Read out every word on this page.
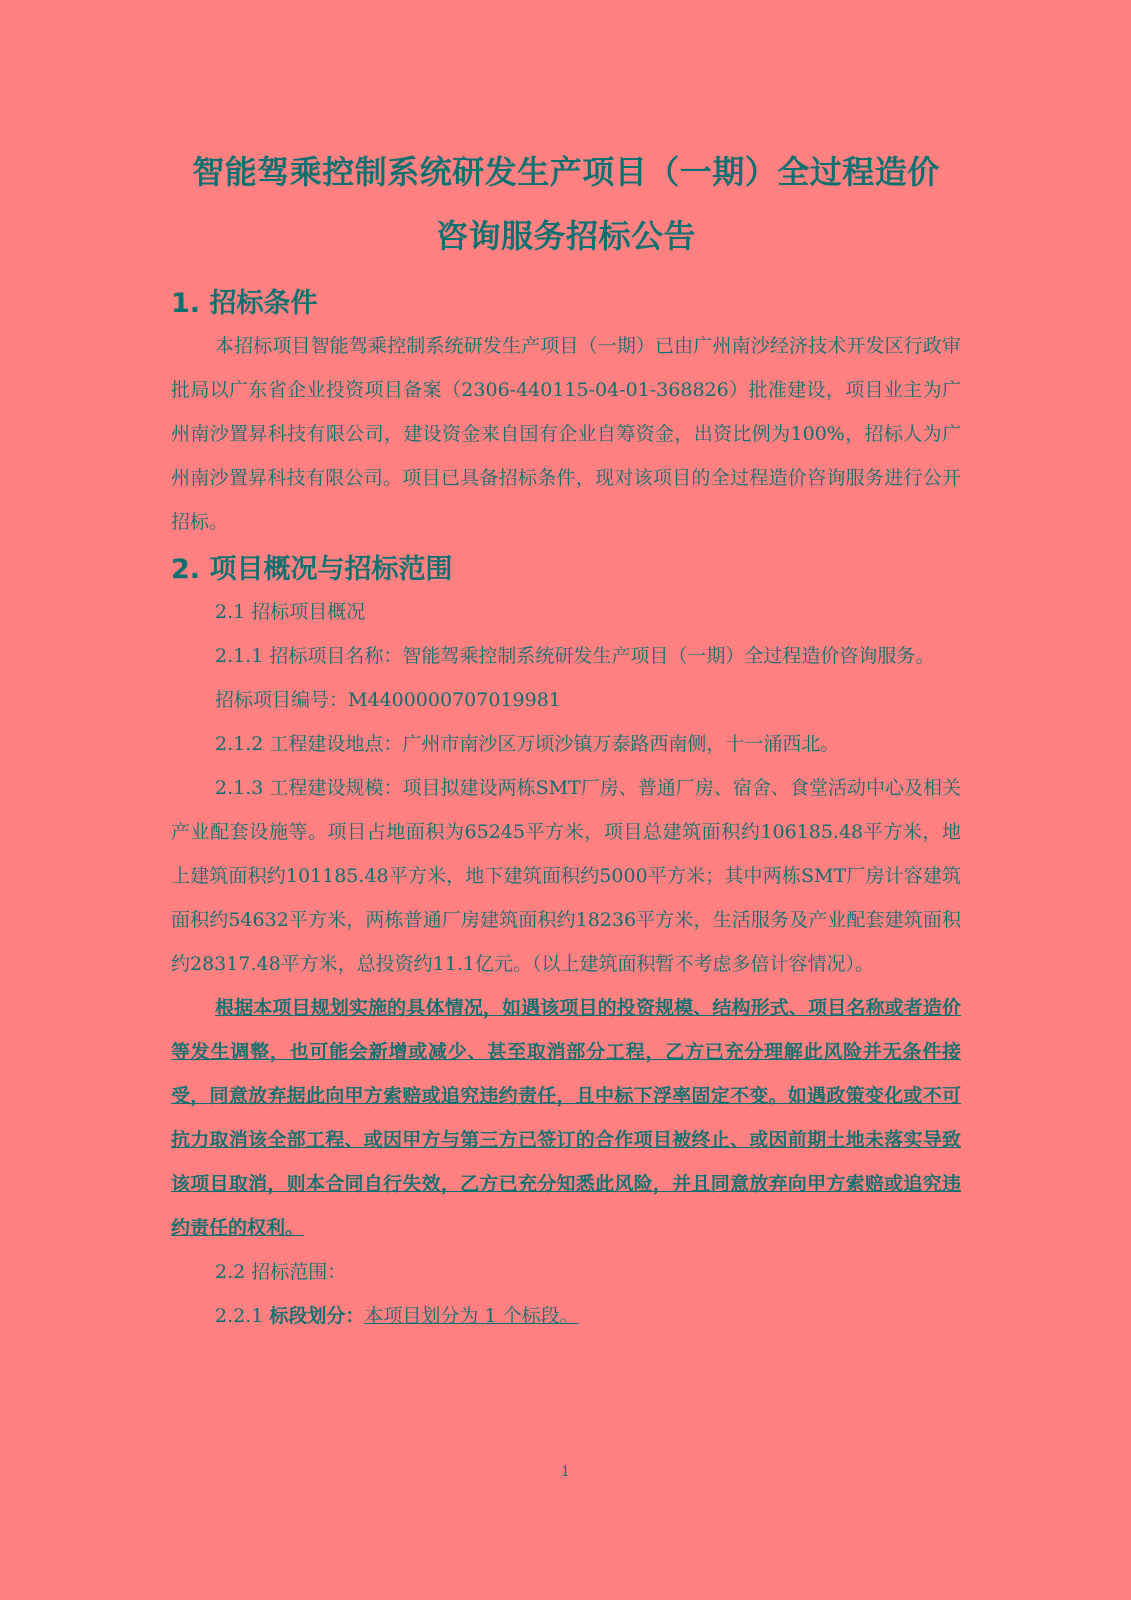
智能驾乘控制系统研发生产项目（一期）全过程造价
咨询服务招标公告
1. 招标条件

本招标项目智能驾乘控制系统研发生产项目（一期）已由广州南沙经济技术开发区行政审批局以广东省企业投资项目备案（2306-440115-04-01-368826）批准建设，项目业主为广州南沙置昇科技有限公司，建设资金来自国有企业自筹资金，出资比例为100%，招标人为广州南沙置昇科技有限公司。项目已具备招标条件，现对该项目的全过程造价咨询服务进行公开招标。

2. 项目概况与招标范围

2.1 招标项目概况

2.1.1 招标项目名称：智能驾乘控制系统研发生产项目（一期）全过程造价咨询服务。

招标项目编号：M4400000707019981

2.1.2 工程建设地点：广州市南沙区万顷沙镇万泰路西南侧，十一涌西北。

2.1.3 工程建设规模：项目拟建设两栋SMT厂房、普通厂房、宿舍、食堂活动中心及相关产业配套设施等。项目占地面积为65245平方米，项目总建筑面积约106185.48平方米，地上建筑面积约101185.48平方米，地下建筑面积约5000平方米；其中两栋SMT厂房计容建筑面积约54632平方米，两栋普通厂房建筑面积约18236平方米，生活服务及产业配套建筑面积约28317.48平方米，总投资约11.1亿元。（以上建筑面积暂不考虑多倍计容情况）。

根据本项目规划实施的具体情况，如遇该项目的投资规模、结构形式、项目名称或者造价等发生调整，也可能会新增或减少、甚至取消部分工程，乙方已充分理解此风险并无条件接受，同意放弃据此向甲方索赔或追究违约责任，且中标下浮率固定不变。如遇政策变化或不可抗力取消该全部工程、或因甲方与第三方已签订的合作项目被终止、或因前期土地未落实导致该项目取消，则本合同自行失效，乙方已充分知悉此风险，并且同意放弃向甲方索赔或追究违约责任的权利。

2.2 招标范围：

2.2.1 标段划分：本项目划分为 1 个标段。

1
